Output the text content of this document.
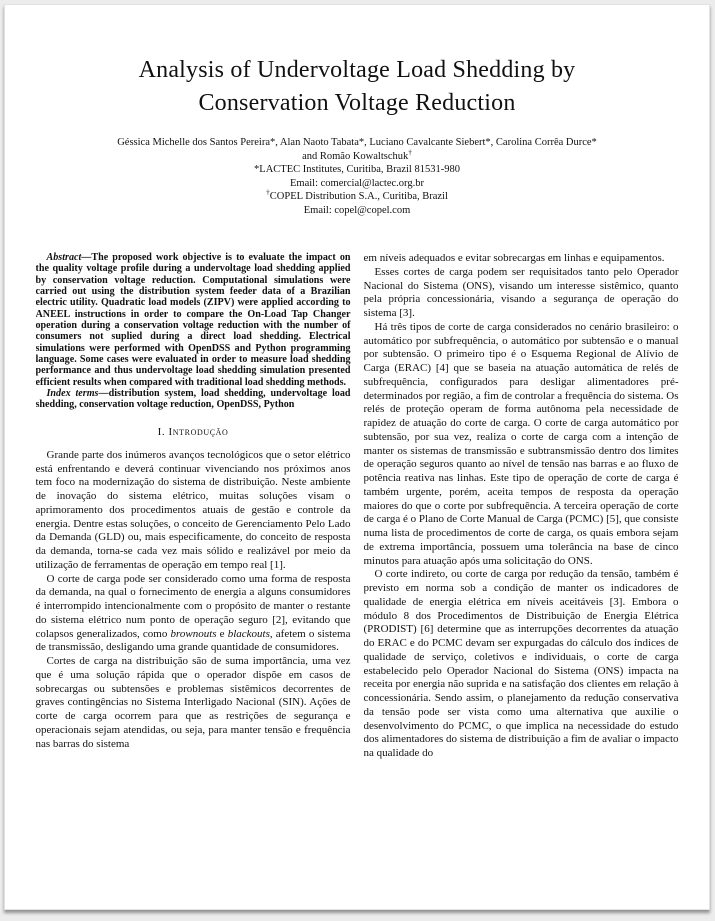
Analysis of Undervoltage Load Shedding by
Conservation Voltage Reduction
Géssica Michelle dos Santos Pereira*, Alan Naoto Tabata*, Luciano Cavalcante Siebert*, Carolina Corrêa Durce*
and Romão Kowaltschuk†
*LACTEC Institutes, Curitiba, Brazil 81531-980
Email: comercial@lactec.org.br
†COPEL Distribution S.A., Curitiba, Brazil
Email: copel@copel.com

Abstract—The proposed work objective is to evaluate the impact on the quality voltage profile during a undervoltage load shedding applied by conservation voltage reduction. Computational simulations were carried out using the distribution system feeder data of a Brazilian electric utility. Quadratic load models (ZIPV) were applied according to ANEEL instructions in order to compare the On-Load Tap Changer operation during a conservation voltage reduction with the number of consumers not suplied during a direct load shedding. Electrical simulations were performed with OpenDSS and Python programming language. Some cases were evaluated in order to measure load shedding performance and thus undervoltage load shedding simulation presented efficient results when compared with traditional load shedding methods.

Index terms—distribution system, load shedding, undervoltage load shedding, conservation voltage reduction, OpenDSS, Python

I. Introdução

Grande parte dos inúmeros avanços tecnológicos que o setor elétrico está enfrentando e deverá continuar vivenciando nos próximos anos tem foco na modernização do sistema de distribuição. Neste ambiente de inovação do sistema elétrico, muitas soluções visam o aprimoramento dos procedimentos atuais de gestão e controle da energia. Dentre estas soluções, o conceito de Gerenciamento Pelo Lado da Demanda (GLD) ou, mais especificamente, do conceito de resposta da demanda, torna-se cada vez mais sólido e realizável por meio da utilização de ferramentas de operação em tempo real [1].

O corte de carga pode ser considerado como uma forma de resposta da demanda, na qual o fornecimento de energia a alguns consumidores é interrompido intencionalmente com o propósito de manter o restante do sistema elétrico num ponto de operação seguro [2], evitando que colapsos generalizados, como brownouts e blackouts, afetem o sistema de transmissão, desligando uma grande quantidade de consumidores.

Cortes de carga na distribuição são de suma importância, uma vez que é uma solução rápida que o operador dispõe em casos de sobrecargas ou subtensões e problemas sistêmicos decorrentes de graves contingências no Sistema Interligado Nacional (SIN). Ações de corte de carga ocorrem para que as restrições de segurança e operacionais sejam atendidas, ou seja, para manter tensão e frequência nas barras do sistema

em níveis adequados e evitar sobrecargas em linhas e equipamentos.

Esses cortes de carga podem ser requisitados tanto pelo Operador Nacional do Sistema (ONS), visando um interesse sistêmico, quanto pela própria concessionária, visando a segurança de operação do sistema [3].

Há três tipos de corte de carga considerados no cenário brasileiro: o automático por subfrequência, o automático por subtensão e o manual por subtensão. O primeiro tipo é o Esquema Regional de Alívio de Carga (ERAC) [4] que se baseia na atuação automática de relés de subfrequência, configurados para desligar alimentadores pré-determinados por região, a fim de controlar a frequência do sistema. Os relés de proteção operam de forma autônoma pela necessidade de rapidez de atuação do corte de carga. O corte de carga automático por subtensão, por sua vez, realiza o corte de carga com a intenção de manter os sistemas de transmissão e subtransmissão dentro dos limites de operação seguros quanto ao nível de tensão nas barras e ao fluxo de potência reativa nas linhas. Este tipo de operação de corte de carga é também urgente, porém, aceita tempos de resposta da operação maiores do que o corte por subfrequência. A terceira operação de corte de carga é o Plano de Corte Manual de Carga (PCMC) [5], que consiste numa lista de procedimentos de corte de carga, os quais embora sejam de extrema importância, possuem uma tolerância na base de cinco minutos para atuação após uma solicitação do ONS.

O corte indireto, ou corte de carga por redução da tensão, também é previsto em norma sob a condição de manter os indicadores de qualidade de energia elétrica em níveis aceitáveis [3]. Embora o módulo 8 dos Procedimentos de Distribuição de Energia Elétrica (PRODIST) [6] determine que as interrupções decorrentes da atuação do ERAC e do PCMC devam ser expurgadas do cálculo dos índices de qualidade de serviço, coletivos e individuais, o corte de carga estabelecido pelo Operador Nacional do Sistema (ONS) impacta na receita por energia não suprida e na satisfação dos clientes em relação à concessionária. Sendo assim, o planejamento da redução conservativa da tensão pode ser vista como uma alternativa que auxilie o desenvolvimento do PCMC, o que implica na necessidade do estudo dos alimentadores do sistema de distribuição a fim de avaliar o impacto na qualidade do
